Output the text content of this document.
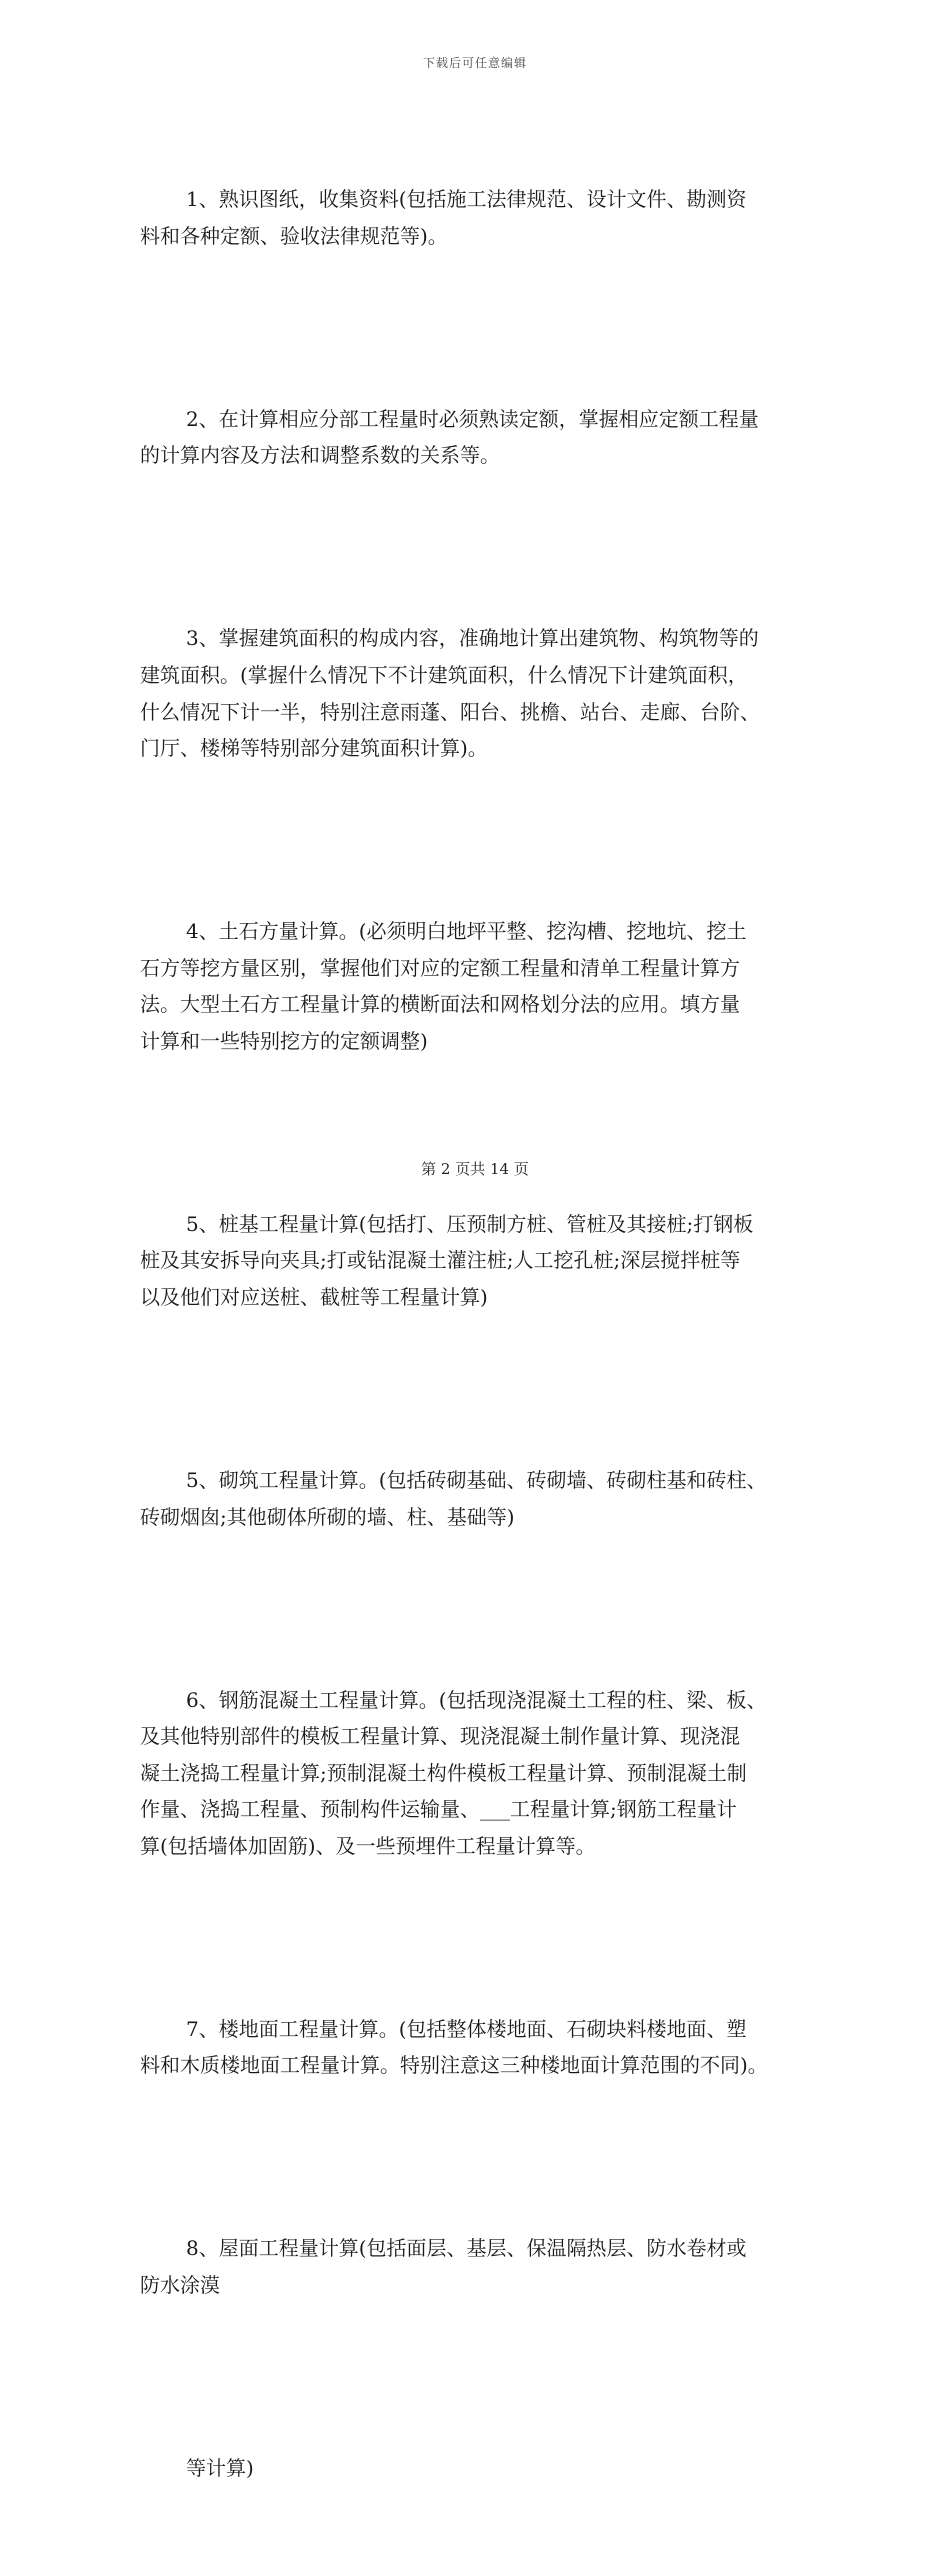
下载后可任意编辑

1、熟识图纸，收集资料(包括施工法律规范、设计文件、勘测资
料和各种定额、验收法律规范等)。

2、在计算相应分部工程量时必须熟读定额，掌握相应定额工程量
的计算内容及方法和调整系数的关系等。

3、掌握建筑面积的构成内容，准确地计算出建筑物、构筑物等的
建筑面积。(掌握什么情况下不计建筑面积，什么情况下计建筑面积，
什么情况下计一半，特别注意雨蓬、阳台、挑檐、站台、走廊、台阶、
门厅、楼梯等特别部分建筑面积计算)。

4、土石方量计算。(必须明白地坪平整、挖沟槽、挖地坑、挖土
石方等挖方量区别，掌握他们对应的定额工程量和清单工程量计算方
法。大型土石方工程量计算的横断面法和网格划分法的应用。填方量
计算和一些特别挖方的定额调整)

5、桩基工程量计算(包括打、压预制方桩、管桩及其接桩;打钢板
桩及其安拆导向夹具;打或钻混凝土灌注桩;人工挖孔桩;深层搅拌桩等
以及他们对应送桩、截桩等工程量计算)

5、砌筑工程量计算。(包括砖砌基础、砖砌墙、砖砌柱基和砖柱、
砖砌烟囱;其他砌体所砌的墙、柱、基础等)

6、钢筋混凝土工程量计算。(包括现浇混凝土工程的柱、梁、板、
及其他特别部件的模板工程量计算、现浇混凝土制作量计算、现浇混
凝土浇捣工程量计算;预制混凝土构件模板工程量计算、预制混凝土制
作量、浇捣工程量、预制构件运输量、___工程量计算;钢筋工程量计
算(包括墙体加固筋)、及一些预埋件工程量计算等。

7、楼地面工程量计算。(包括整体楼地面、石砌块料楼地面、塑
料和木质楼地面工程量计算。特别注意这三种楼地面计算范围的不同)。

8、屋面工程量计算(包括面层、基层、保温隔热层、防水卷材或
防水涂漠

等计算)

第 2 页共 14 页
